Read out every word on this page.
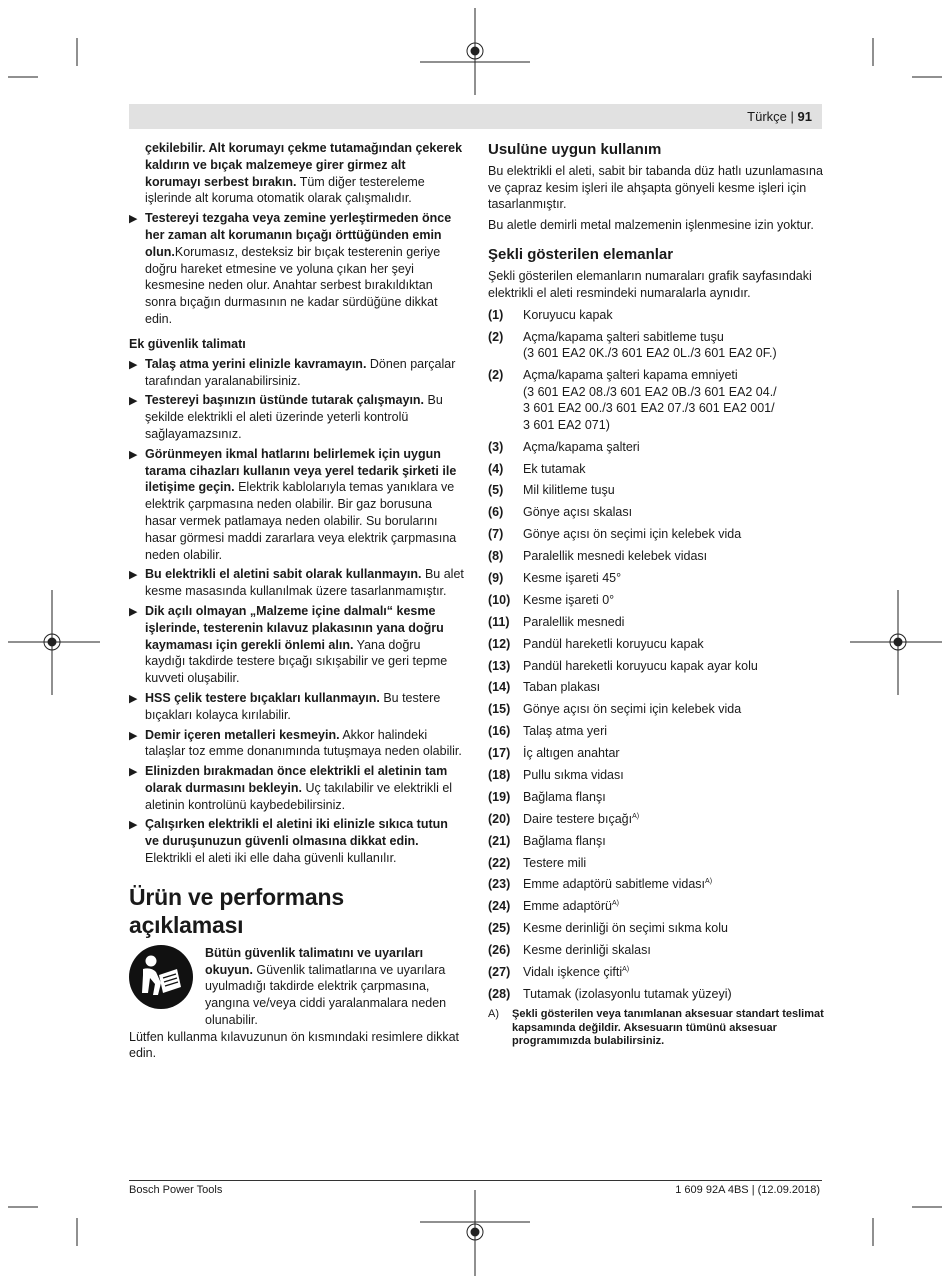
Türkçe | 91
çekilebilir. Alt korumayı çekme tutamağından çekerek kaldırın ve bıçak malzemeye girer girmez alt korumayı serbest bırakın. Tüm diğer testereleme işlerinde alt koruma otomatik olarak çalışmalıdır.
▶ Testereyi tezgaha veya zemine yerleştirmeden önce her zaman alt korumanın bıçağı örttüğünden emin olun.Korumasız, desteksiz bir bıçak testerenin geriye doğru hareket etmesine ve yoluna çıkan her şeyi kesmesine neden olur. Anahtar serbest bırakıldıktan sonra bıçağın durmasının ne kadar sürdüğüne dikkat edin.
Ek güvenlik talimatı
▶ Talaş atma yerini elinizle kavramayın. Dönen parçalar tarafından yaralanabilirsiniz.
▶ Testereyi başınızın üstünde tutarak çalışmayın. Bu şekilde elektrikli el aleti üzerinde yeterli kontrolü sağlayamazsınız.
▶ Görünmeyen ikmal hatlarını belirlemek için uygun tarama cihazları kullanın veya yerel tedarik şirketi ile iletişime geçin. Elektrik kablolarıyla temas yanıklara ve elektrik çarpmasına neden olabilir. Bir gaz borusuna hasar vermek patlamaya neden olabilir. Su borularını hasar görmesi maddi zararlara veya elektrik çarpmasına neden olabilir.
▶ Bu elektrikli el aletini sabit olarak kullanmayın. Bu alet kesme masasında kullanılmak üzere tasarlanmamıştır.
▶ Dik açılı olmayan „Malzeme içine dalmalı“ kesme işlerinde, testerenin kılavuz plakasının yana doğru kaymaması için gerekli önlemi alın. Yana doğru kaydığı takdirde testere bıçağı sıkışabilir ve geri tepme kuvveti oluşabilir.
▶ HSS çelik testere bıçakları kullanmayın. Bu testere bıçakları kolayca kırılabilir.
▶ Demir içeren metalleri kesmeyin. Akkor halindeki talaşlar toz emme donanımında tutuşmaya neden olabilir.
▶ Elinizden bırakmadan önce elektrikli el aletinin tam olarak durmasını bekleyin. Uç takılabilir ve elektrikli el aletinin kontrolünü kaybedebilirsiniz.
▶ Çalışırken elektrikli el aletini iki elinizle sıkıca tutun ve duruşunuzun güvenli olmasına dikkat edin. Elektrikli el aleti iki elle daha güvenli kullanılır.
Ürün ve performans açıklaması
Bütün güvenlik talimatını ve uyarıları okuyun. Güvenlik talimatlarına ve uyarılara uyulmadığı takdirde elektrik çarpmasına, yangına ve/veya ciddi yaralanmalara neden olunabilir.
Lütfen kullanma kılavuzunun ön kısmındaki resimlere dikkat edin.
Usulüne uygun kullanım
Bu elektrikli el aleti, sabit bir tabanda düz hatlı uzunlamasına ve çapraz kesim işleri ile ahşapta gönyeli kesme işleri için tasarlanmıştır.
Bu aletle demirli metal malzemenin işlenmesine izin yoktur.
Şekli gösterilen elemanlar
Şekli gösterilen elemanların numaraları grafik sayfasındaki elektrikli el aleti resmindeki numaralarla aynıdır.
(1)	Koruyucu kapak
(2)	Açma/kapama şalteri sabitleme tuşu
(3 601 EA2 0K./3 601 EA2 0L./3 601 EA2 0F.)
(2)	Açma/kapama şalteri kapama emniyeti
(3 601 EA2 08./3 601 EA2 0B./3 601 EA2 04./
3 601 EA2 00./3 601 EA2 07./3 601 EA2 001/
3 601 EA2 071)
(3)	Açma/kapama şalteri
(4)	Ek tutamak
(5)	Mil kilitleme tuşu
(6)	Gönye açısı skalası
(7)	Gönye açısı ön seçimi için kelebek vida
(8)	Paralellik mesnedi kelebek vidası
(9)	Kesme işareti 45°
(10)	Kesme işareti 0°
(11)	Paralellik mesnedi
(12)	Pandül hareketli koruyucu kapak
(13)	Pandül hareketli koruyucu kapak ayar kolu
(14)	Taban plakası
(15)	Gönye açısı ön seçimi için kelebek vida
(16)	Talaş atma yeri
(17)	İç altıgen anahtar
(18)	Pullu sıkma vidası
(19)	Bağlama flanşı
(20)	Daire testere bıçağı$^{A)}$
(21)	Bağlama flanşı
(22)	Testere mili
(23)	Emme adaptörü sabitleme vidası$^{A)}$
(24)	Emme adaptörü$^{A)}$
(25)	Kesme derinliği ön seçimi sıkma kolu
(26)	Kesme derinliği skalası
(27)	Vidalı işkence çifti$^{A)}$
(28)	Tutamak (izolasyonlu tutamak yüzeyi)
A)	Şekli gösterilen veya tanımlanan aksesuar standart teslimat kapsamında değildir. Aksesuarın tümünü aksesuar programımızda bulabilirsiniz.
Bosch Power Tools	1 609 92A 4BS | (12.09.2018)
